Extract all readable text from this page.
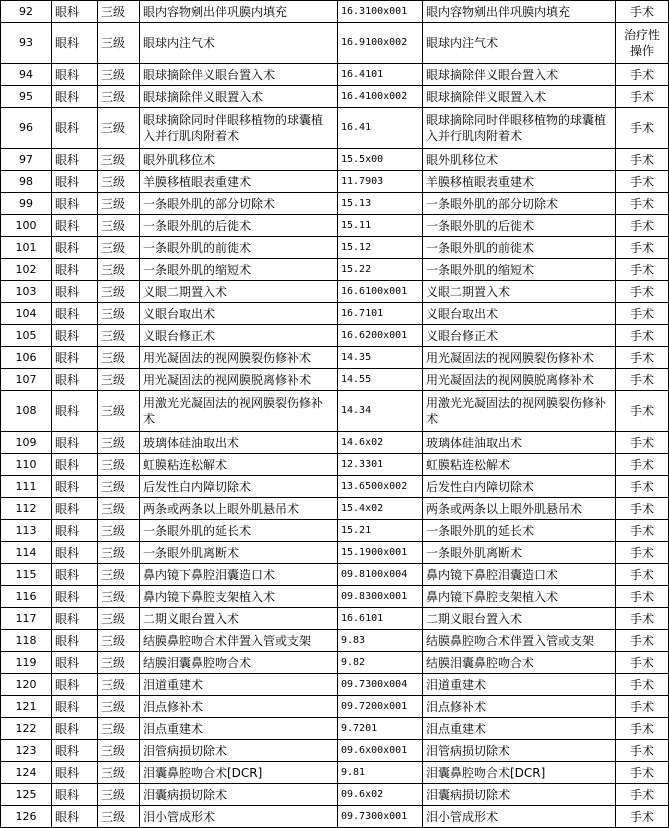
92	眼科	三级	眼内容物剜出伴巩膜内填充	16.3100x001	眼内容物剜出伴巩膜内填充	手术
93	眼科	三级	眼球内注气术	16.9100x002	眼球内注气术	治疗性操作
94	眼科	三级	眼球摘除伴义眼台置入术	16.4101	眼球摘除伴义眼台置入术	手术
95	眼科	三级	眼球摘除伴义眼置入术	16.4100x002	眼球摘除伴义眼置入术	手术
96	眼科	三级	眼球摘除同时伴眼移植物的球囊植入并行肌肉附着术	16.41	眼球摘除同时伴眼移植物的球囊植入并行肌肉附着术	手术
97	眼科	三级	眼外肌移位术	15.5x00	眼外肌移位术	手术
98	眼科	三级	羊膜移植眼表重建术	11.7903	羊膜移植眼表重建术	手术
99	眼科	三级	一条眼外肌的部分切除术	15.13	一条眼外肌的部分切除术	手术
100	眼科	三级	一条眼外肌的后徙术	15.11	一条眼外肌的后徙术	手术
101	眼科	三级	一条眼外肌的前徙术	15.12	一条眼外肌的前徙术	手术
102	眼科	三级	一条眼外肌的缩短术	15.22	一条眼外肌的缩短术	手术
103	眼科	三级	义眼二期置入术	16.6100x001	义眼二期置入术	手术
104	眼科	三级	义眼台取出术	16.7101	义眼台取出术	手术
105	眼科	三级	义眼台修正术	16.6200x001	义眼台修正术	手术
106	眼科	三级	用光凝固法的视网膜裂伤修补术	14.35	用光凝固法的视网膜裂伤修补术	手术
107	眼科	三级	用光凝固法的视网膜脱离修补术	14.55	用光凝固法的视网膜脱离修补术	手术
108	眼科	三级	用激光光凝固法的视网膜裂伤修补术	14.34	用激光光凝固法的视网膜裂伤修补术	手术
109	眼科	三级	玻璃体硅油取出术	14.6x02	玻璃体硅油取出术	手术
110	眼科	三级	虹膜粘连松解术	12.3301	虹膜粘连松解术	手术
111	眼科	三级	后发性白内障切除术	13.6500x002	后发性白内障切除术	手术
112	眼科	三级	两条或两条以上眼外肌悬吊术	15.4x02	两条或两条以上眼外肌悬吊术	手术
113	眼科	三级	一条眼外肌的延长术	15.21	一条眼外肌的延长术	手术
114	眼科	三级	一条眼外肌离断术	15.1900x001	一条眼外肌离断术	手术
115	眼科	三级	鼻内镜下鼻腔泪囊造口术	09.8100x004	鼻内镜下鼻腔泪囊造口术	手术
116	眼科	三级	鼻内镜下鼻腔支架植入术	09.8300x001	鼻内镜下鼻腔支架植入术	手术
117	眼科	三级	二期义眼台置入术	16.6101	二期义眼台置入术	手术
118	眼科	三级	结膜鼻腔吻合术伴置入管或支架	9.83	结膜鼻腔吻合术伴置入管或支架	手术
119	眼科	三级	结膜泪囊鼻腔吻合术	9.82	结膜泪囊鼻腔吻合术	手术
120	眼科	三级	泪道重建术	09.7300x004	泪道重建术	手术
121	眼科	三级	泪点修补术	09.7200x001	泪点修补术	手术
122	眼科	三级	泪点重建术	9.7201	泪点重建术	手术
123	眼科	三级	泪管病损切除术	09.6x00x001	泪管病损切除术	手术
124	眼科	三级	泪囊鼻腔吻合术[DCR]	9.81	泪囊鼻腔吻合术[DCR]	手术
125	眼科	三级	泪囊病损切除术	09.6x02	泪囊病损切除术	手术
126	眼科	三级	泪小管成形术	09.7300x001	泪小管成形术	手术
